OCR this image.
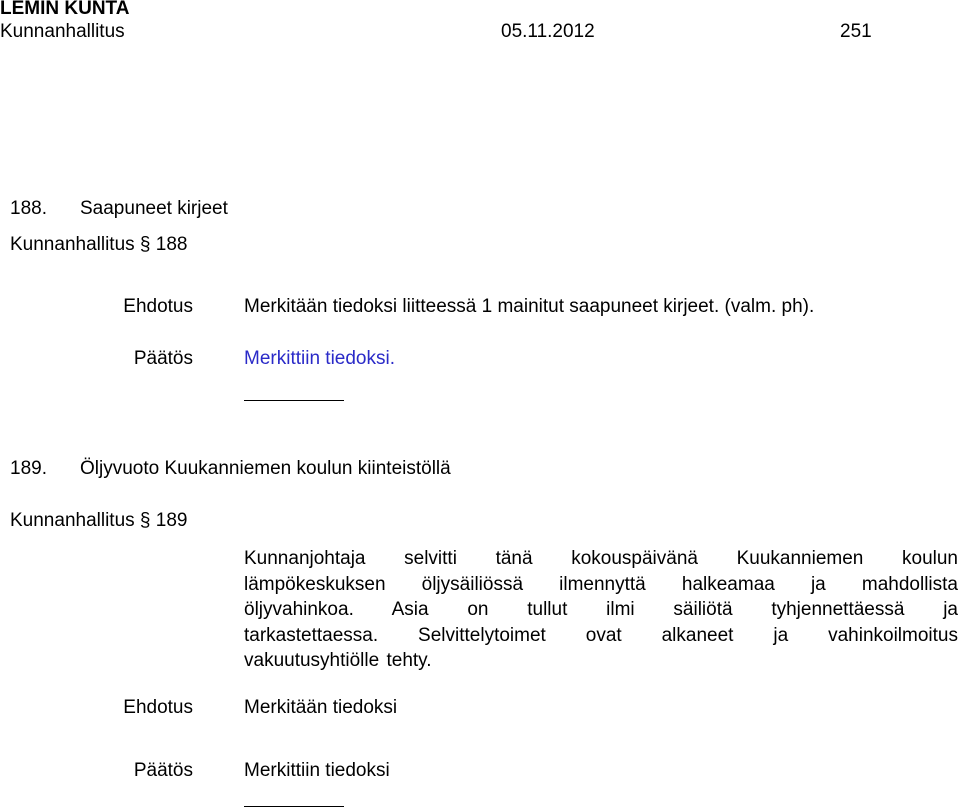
LEMIN KUNTA
Kunnanhallitus	05.11.2012	251
188. Saapuneet kirjeet
Kunnanhallitus § 188
Ehdotus	Merkitään tiedoksi liitteessä 1 mainitut saapuneet kirjeet. (valm. ph).
Päätös	Merkittiin tiedoksi.
189. Öljyvuoto Kuukanniemen koulun kiinteistöllä
Kunnanhallitus § 189
Kunnanjohtaja selvitti tänä kokouspäivänä Kuukanniemen koulun
lämpökeskuksen öljysäiliössä ilmennyttä halkeamaa ja mahdollista
öljyvahinkoa. Asia on tullut ilmi säiliötä tyhjennettäessä ja
tarkastettaessa. Selvittelytoimet ovat alkaneet ja vahinkoilmoitus
vakuutusyhtiölle tehty.
Ehdotus	Merkitään tiedoksi
Päätös	Merkittiin tiedoksi
